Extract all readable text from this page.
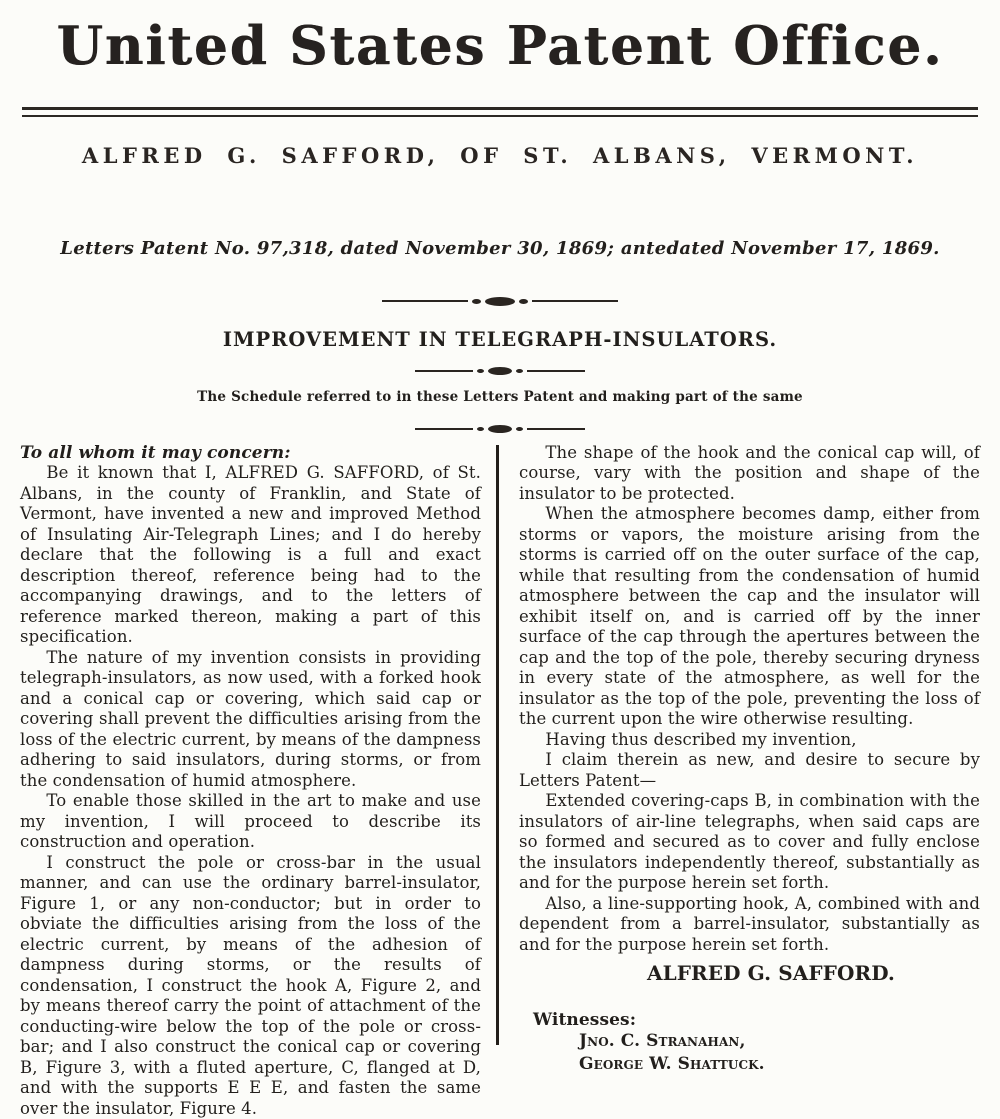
United States Patent Office.
ALFRED G. SAFFORD, OF ST. ALBANS, VERMONT.
Letters Patent No. 97,318, dated November 30, 1869; antedated November 17, 1869.
IMPROVEMENT IN TELEGRAPH-INSULATORS.
The Schedule referred to in these Letters Patent and making part of the same

To all whom it may concern:

Be it known that I, ALFRED G. SAFFORD, of St. Albans, in the county of Franklin, and State of Vermont, have invented a new and improved Method of Insulating Air-Telegraph Lines; and I do hereby declare that the following is a full and exact description thereof, reference being had to the accompanying drawings, and to the letters of reference marked thereon, making a part of this specification.

The nature of my invention consists in providing telegraph-insulators, as now used, with a forked hook and a conical cap or covering, which said cap or covering shall prevent the difficulties arising from the loss of the electric current, by means of the dampness adhering to said insulators, during storms, or from the condensation of humid atmosphere.

To enable those skilled in the art to make and use my invention, I will proceed to describe its construction and operation.

I construct the pole or cross-bar in the usual manner, and can use the ordinary barrel-insulator, Figure 1, or any non-conductor; but in order to obviate the difficulties arising from the loss of the electric current, by means of the adhesion of dampness during storms, or the results of condensation, I construct the hook A, Figure 2, and by means thereof carry the point of attachment of the conducting-wire below the top of the pole or cross-bar; and I also construct the conical cap or covering B, Figure 3, with a fluted aperture, C, flanged at D, and with the supports E E E, and fasten the same over the insulator, Figure 4.

The shape of the hook and the conical cap will, of course, vary with the position and shape of the insulator to be protected.

When the atmosphere becomes damp, either from storms or vapors, the moisture arising from the storms is carried off on the outer surface of the cap, while that resulting from the condensation of humid atmosphere between the cap and the insulator will exhibit itself on, and is carried off by the inner surface of the cap through the apertures between the cap and the top of the pole, thereby securing dryness in every state of the atmosphere, as well for the insulator as the top of the pole, preventing the loss of the current upon the wire otherwise resulting.

Having thus described my invention,

I claim therein as new, and desire to secure by Letters Patent—

Extended covering-caps B, in combination with the insulators of air-line telegraphs, when said caps are so formed and secured as to cover and fully enclose the insulators independently thereof, substantially as and for the purpose herein set forth.

Also, a line-supporting hook, A, combined with and dependent from a barrel-insulator, substantially as and for the purpose herein set forth.

ALFRED G. SAFFORD.

Witnesses:

Jno. C. Stranahan,

George W. Shattuck.
